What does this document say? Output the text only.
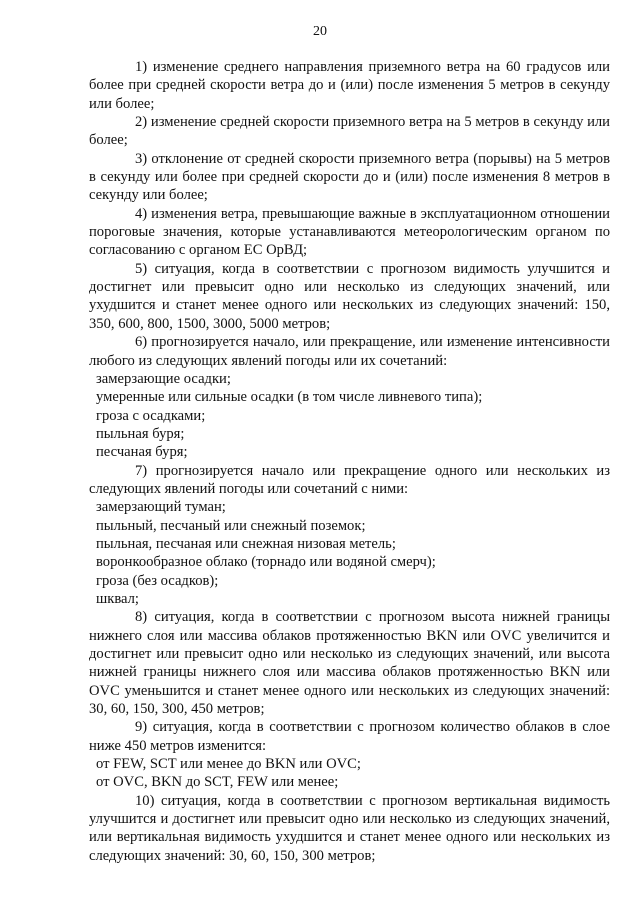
20

1) изменение среднего направления приземного ветра на 60 градусов или более при средней скорости ветра до и (или) после изменения 5 метров в секунду или более;

2) изменение средней скорости приземного ветра на 5 метров в секунду или более;

3) отклонение от средней скорости приземного ветра (порывы) на 5 метров в секунду или более при средней скорости до и (или) после изменения 8 метров в секунду или более;

4) изменения ветра, превышающие важные в эксплуатационном отношении пороговые значения, которые устанавливаются метеорологическим органом по согласованию с органом ЕС ОрВД;

5) ситуация, когда в соответствии с прогнозом видимость улучшится и достигнет или превысит одно или несколько из следующих значений, или ухудшится и станет менее одного или нескольких из следующих значений: 150, 350, 600, 800, 1500, 3000, 5000 метров;

6) прогнозируется начало, или прекращение, или изменение интенсивности любого из следующих явлений погоды или их сочетаний:

замерзающие осадки;
умеренные или сильные осадки (в том числе ливневого типа);
гроза с осадками;
пыльная буря;
песчаная буря;

7) прогнозируется начало или прекращение одного или нескольких из следующих явлений погоды или сочетаний с ними:

замерзающий туман;
пыльный, песчаный или снежный поземок;
пыльная, песчаная или снежная низовая метель;
воронкообразное облако (торнадо или водяной смерч);
гроза (без осадков);
шквал;

8) ситуация, когда в соответствии с прогнозом высота нижней границы нижнего слоя или массива облаков протяженностью BKN или OVC увеличится и достигнет или превысит одно или несколько из следующих значений, или высота нижней границы нижнего слоя или массива облаков протяженностью BKN или OVC уменьшится и станет менее одного или нескольких из следующих значений: 30, 60, 150, 300, 450 метров;

9) ситуация, когда в соответствии с прогнозом количество облаков в слое ниже 450 метров изменится:

от FEW, SCT или менее до BKN или OVC;
от OVC, BKN до SCT, FEW или менее;

10) ситуация, когда в соответствии с прогнозом вертикальная видимость улучшится и достигнет или превысит одно или несколько из следующих значений, или вертикальная видимость ухудшится и станет менее одного или нескольких из следующих значений: 30, 60, 150, 300 метров;
